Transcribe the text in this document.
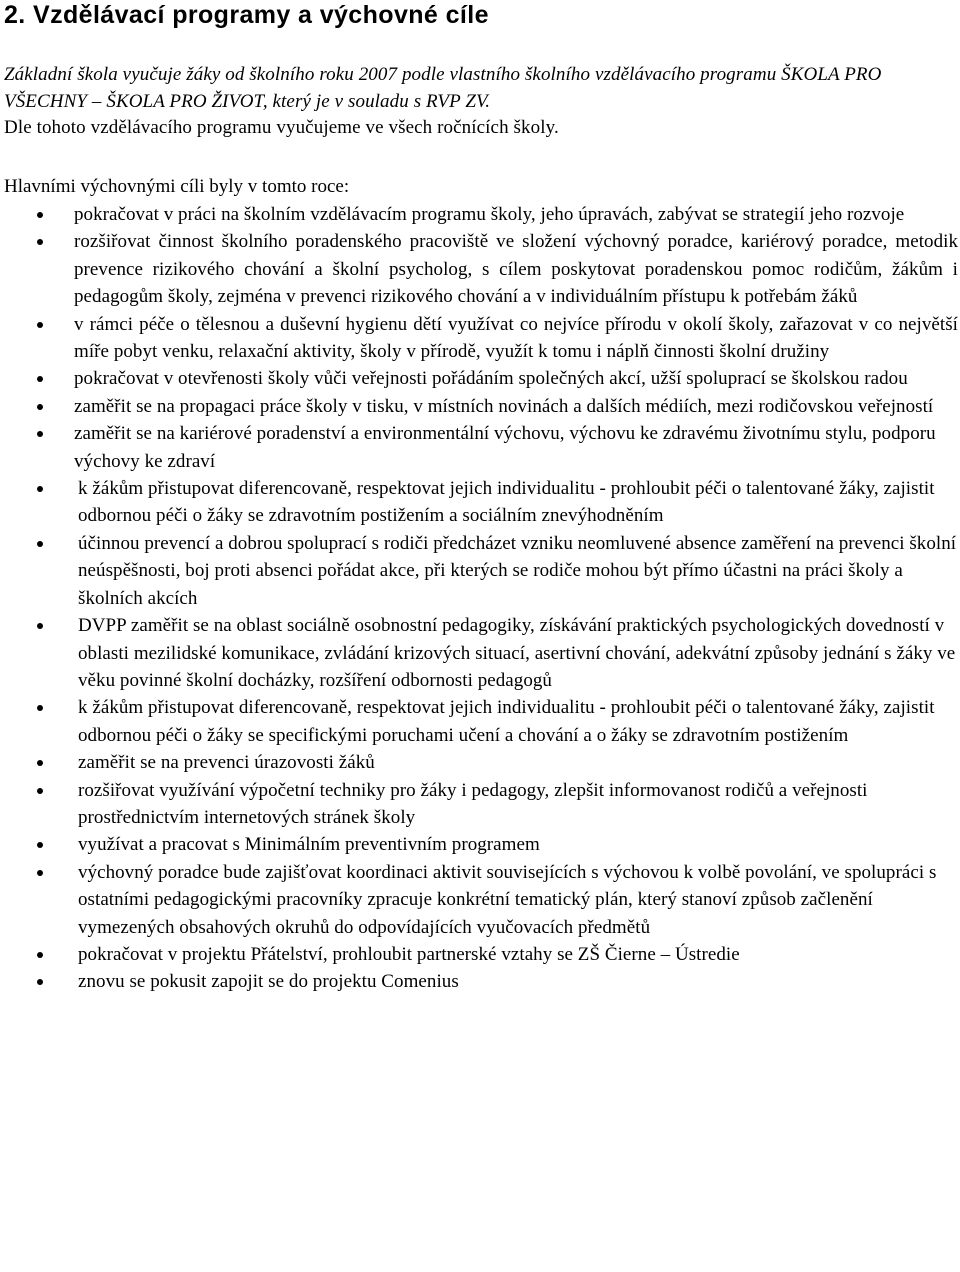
2. Vzdělávací programy a výchovné cíle

Základní škola vyučuje žáky od školního roku 2007 podle vlastního školního vzdělávacího programu ŠKOLA PRO VŠECHNY – ŠKOLA PRO ŽIVOT, který je v souladu s RVP ZV.

Dle tohoto vzdělávacího programu vyučujeme ve všech ročnících školy.

Hlavními výchovnými cíli byly v tomto roce:

pokračovat v práci na školním vzdělávacím programu školy, jeho úpravách, zabývat se strategií jeho rozvoje
rozšiřovat činnost školního poradenského pracoviště ve složení výchovný poradce, kariérový poradce, metodik prevence rizikového chování a školní psycholog, s cílem poskytovat poradenskou pomoc rodičům, žákům i pedagogům školy, zejména v prevenci rizikového chování a v individuálním přístupu k potřebám žáků
v rámci péče o tělesnou a duševní hygienu dětí využívat co nejvíce přírodu v okolí školy, zařazovat v co největší míře pobyt venku, relaxační aktivity, školy v přírodě, využít k tomu i náplň činnosti školní družiny
pokračovat v otevřenosti školy vůči veřejnosti pořádáním společných akcí, užší spoluprací se školskou radou
zaměřit se na propagaci práce školy v tisku, v místních novinách a dalších médiích, mezi rodičovskou veřejností
zaměřit se na kariérové poradenství a environmentální výchovu, výchovu ke zdravému životnímu stylu, podporu výchovy ke zdraví
k žákům přistupovat diferencovaně, respektovat jejich individualitu - prohloubit péči o talentované žáky, zajistit odbornou péči o žáky se zdravotním postižením a sociálním znevýhodněním
účinnou prevencí a dobrou spoluprací s rodiči předcházet vzniku neomluvené absence zaměření na prevenci školní neúspěšnosti, boj proti absenci pořádat akce, při kterých se rodiče mohou být přímo účastni na práci školy a školních akcích
DVPP zaměřit se na oblast sociálně osobnostní pedagogiky, získávání praktických psychologických dovedností v oblasti mezilidské komunikace, zvládání krizových situací, asertivní chování, adekvátní způsoby jednání s žáky ve věku povinné školní docházky, rozšíření odbornosti pedagogů
k žákům přistupovat diferencovaně, respektovat jejich individualitu - prohloubit péči o talentované žáky, zajistit odbornou péči o žáky se specifickými poruchami učení a chování a o žáky se zdravotním postižením
zaměřit se na prevenci úrazovosti žáků
rozšiřovat využívání výpočetní techniky pro žáky i pedagogy, zlepšit informovanost rodičů a veřejnosti prostřednictvím internetových stránek školy
využívat a pracovat s Minimálním preventivním programem
výchovný poradce bude zajišťovat koordinaci aktivit souvisejících s výchovou k volbě povolání, ve spolupráci s ostatními pedagogickými pracovníky zpracuje konkrétní tematický plán, který stanoví způsob začlenění vymezených obsahových okruhů do odpovídajících vyučovacích předmětů
pokračovat v projektu Přátelství, prohloubit partnerské vztahy se ZŠ Čierne – Ústredie
znovu se pokusit zapojit se do projektu Comenius
